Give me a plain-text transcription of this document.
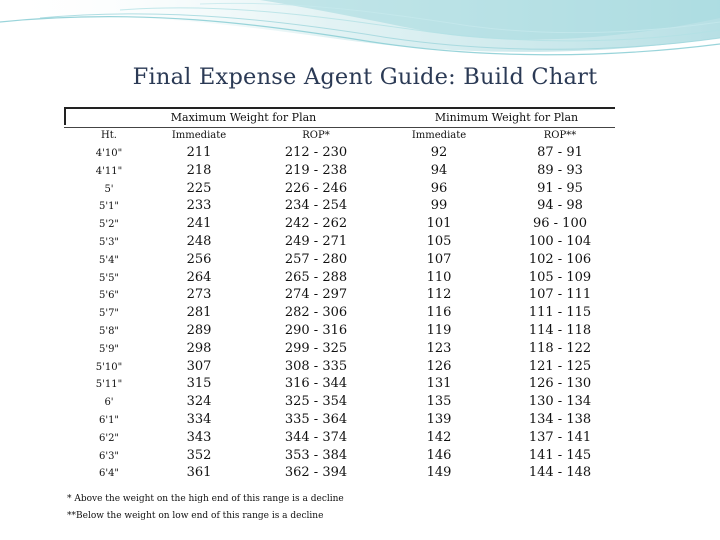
Final Expense Agent Guide: Build Chart
Maximum Weight for Plan	Minimum Weight for Plan
Ht.	Immediate	ROP*	Immediate	ROP**
4'10"	211	212 - 230	92	87 - 91
4'11"	218	219 - 238	94	89 - 93
5'	225	226 - 246	96	91 - 95
5'1"	233	234 - 254	99	94 - 98
5'2"	241	242 - 262	101	96 - 100
5'3"	248	249 - 271	105	100 - 104
5'4"	256	257 - 280	107	102 - 106
5'5"	264	265 - 288	110	105 - 109
5'6"	273	274 - 297	112	107 - 111
5'7"	281	282 - 306	116	111 - 115
5'8"	289	290 - 316	119	114 - 118
5'9"	298	299 - 325	123	118 - 122
5'10"	307	308 - 335	126	121 - 125
5'11"	315	316 - 344	131	126 - 130
6'	324	325 - 354	135	130 - 134
6'1"	334	335 - 364	139	134 - 138
6'2"	343	344 - 374	142	137 - 141
6'3"	352	353 - 384	146	141 - 145
6'4"	361	362 - 394	149	144 - 148
* Above the weight on the high end of this range is a decline
**Below the weight on low end of this range is a decline
